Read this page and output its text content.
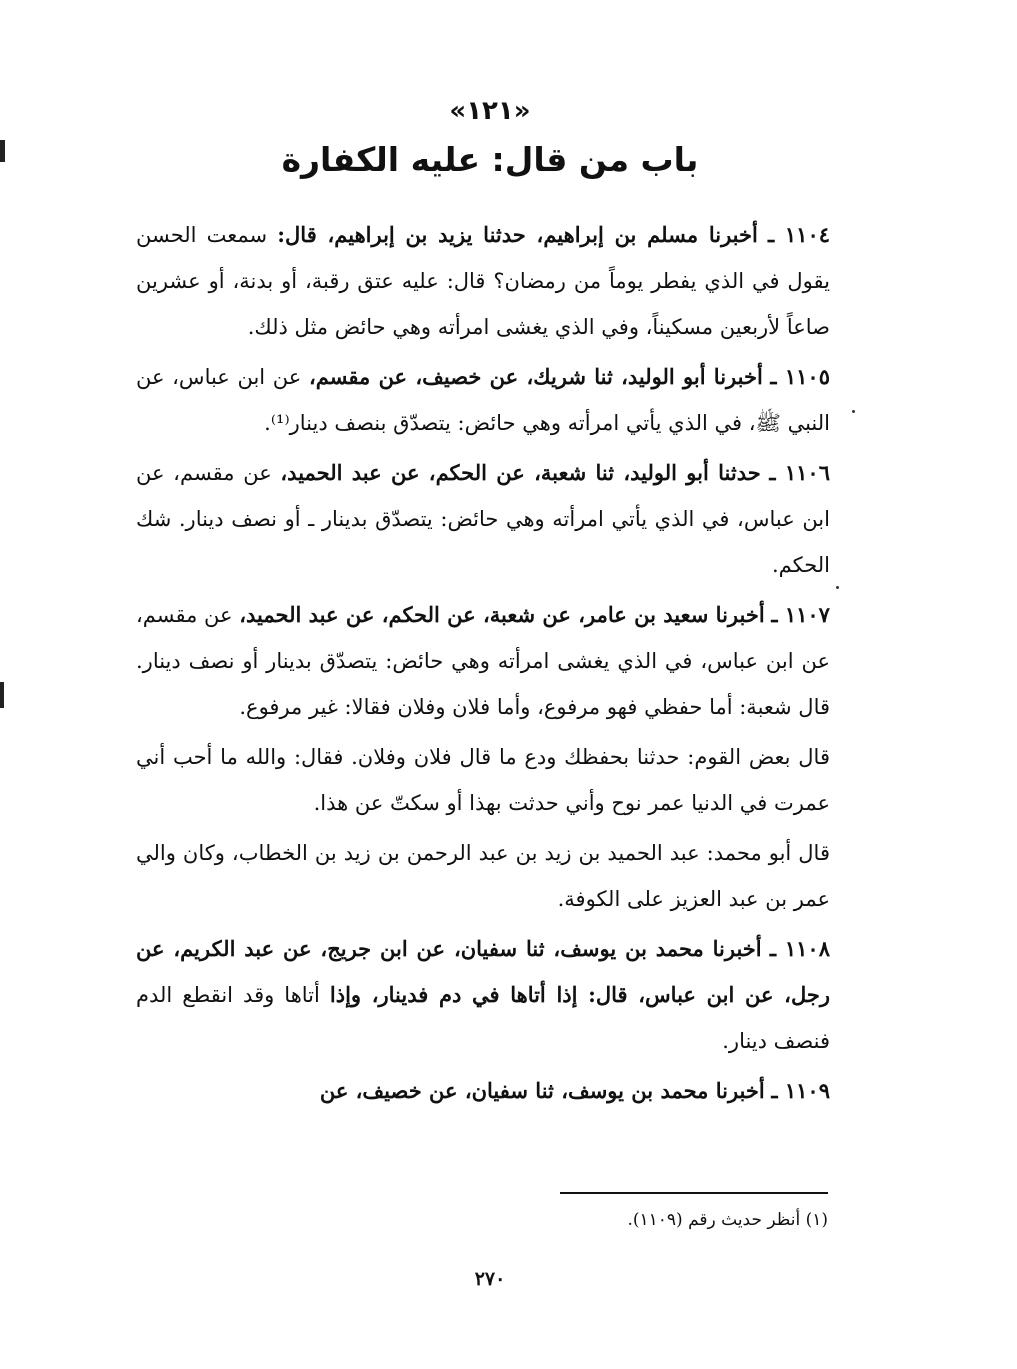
«١٢١»
باب من قال: عليه الكفارة

١١٠٤ ـ أخبرنا مسلم بن إبراهيم، حدثنا يزيد بن إبراهيم، قال: سمعت الحسن يقول في الذي يفطر يوماً من رمضان؟ قال: عليه عتق رقبة، أو بدنة، أو عشرين صاعاً لأربعين مسكيناً، وفي الذي يغشى امرأته وهي حائض مثل ذلك.

١١٠٥ ـ أخبرنا أبو الوليد، ثنا شريك، عن خصيف، عن مقسم، عن ابن عباس، عن النبي ﷺ، في الذي يأتي امرأته وهي حائض: يتصدّق بنصف دينار⁽¹⁾.

١١٠٦ ـ حدثنا أبو الوليد، ثنا شعبة، عن الحكم، عن عبد الحميد، عن مقسم، عن ابن عباس، في الذي يأتي امرأته وهي حائض: يتصدّق بدينار ـ أو نصف دينار. شك الحكم.

١١٠٧ ـ أخبرنا سعيد بن عامر، عن شعبة، عن الحكم، عن عبد الحميد، عن مقسم، عن ابن عباس، في الذي يغشى امرأته وهي حائض: يتصدّق بدينار أو نصف دينار. قال شعبة: أما حفظي فهو مرفوع، وأما فلان وفلان فقالا: غير مرفوع.

قال بعض القوم: حدثنا بحفظك ودع ما قال فلان وفلان. فقال: والله ما أحب أني عمرت في الدنيا عمر نوح وأني حدثت بهذا أو سكتّ عن هذا.

قال أبو محمد: عبد الحميد بن زيد بن عبد الرحمن بن زيد بن الخطاب، وكان والي عمر بن عبد العزيز على الكوفة.

١١٠٨ ـ أخبرنا محمد بن يوسف، ثنا سفيان، عن ابن جريج، عن عبد الكريم، عن رجل، عن ابن عباس، قال: إذا أتاها في دم فدينار، وإذا أتاها وقد انقطع الدم فنصف دينار.

١١٠٩ ـ أخبرنا محمد بن يوسف، ثنا سفيان، عن خصيف، عن

(١) أنظر حديث رقم (١١٠٩).
٢٧٠
